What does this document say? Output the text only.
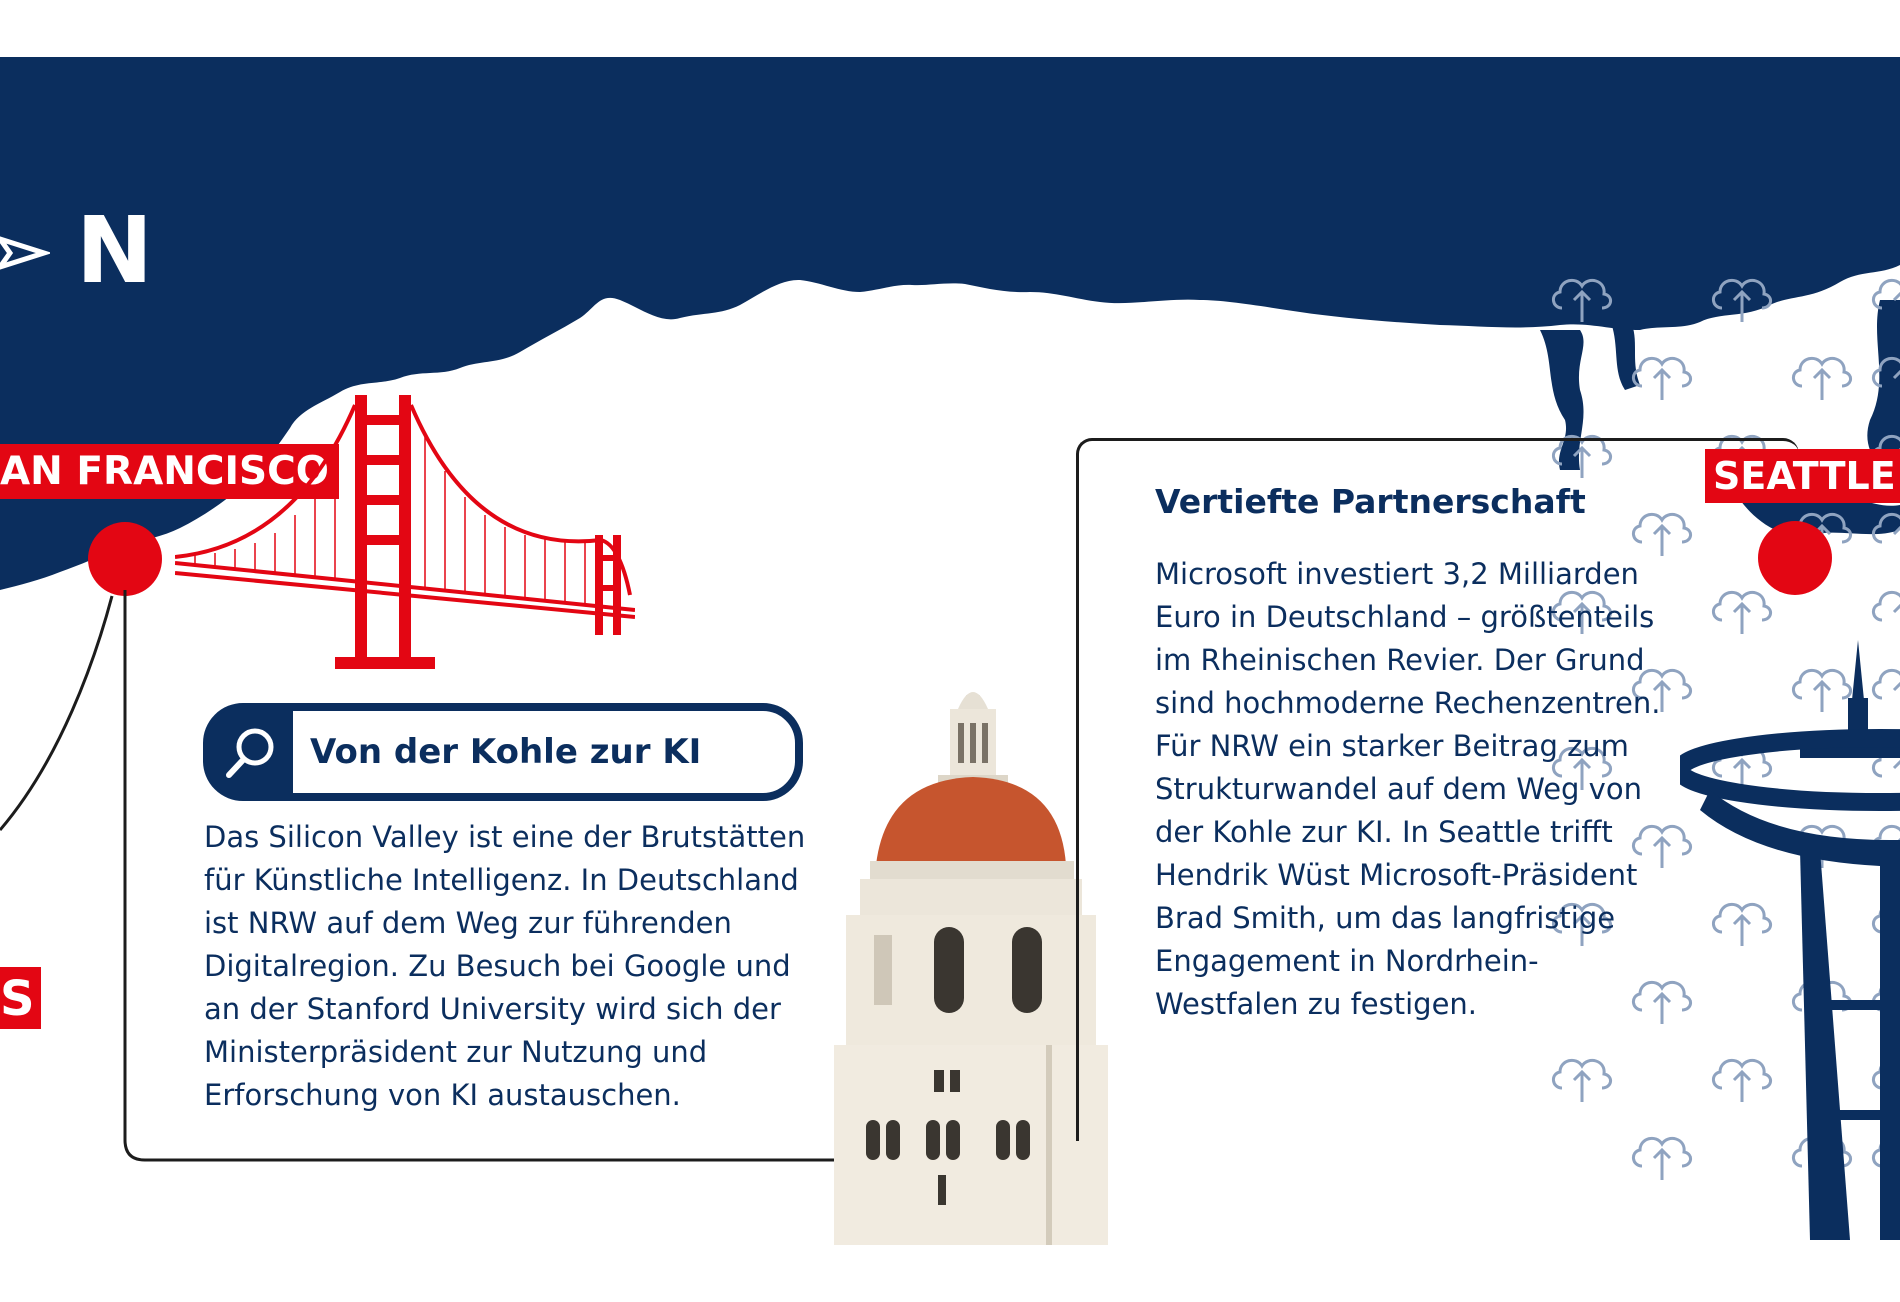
N
AN FRANCISCO
S
Von der Kohle zur KI

Das Silicon Valley ist eine der Brutstätten

für Künstliche Intelligenz. In Deutschland

ist NRW auf dem Weg zur führenden

Digitalregion. Zu Besuch bei Google und

an der Stanford University wird sich der

Ministerpräsident zur Nutzung und

Erforschung von KI austauschen.

Vertiefte Partnerschaft

Microsoft investiert 3,2 Milliarden

Euro in Deutschland – größtenteils

im Rheinischen Revier. Der Grund

sind hochmoderne Rechenzentren.

Für NRW ein starker Beitrag zum

Strukturwandel auf dem Weg von

der Kohle zur KI. In Seattle trifft

Hendrik Wüst Microsoft-Präsident

Brad Smith, um das langfristige

Engagement in Nordrhein-

Westfalen zu festigen.

SEATTLE
